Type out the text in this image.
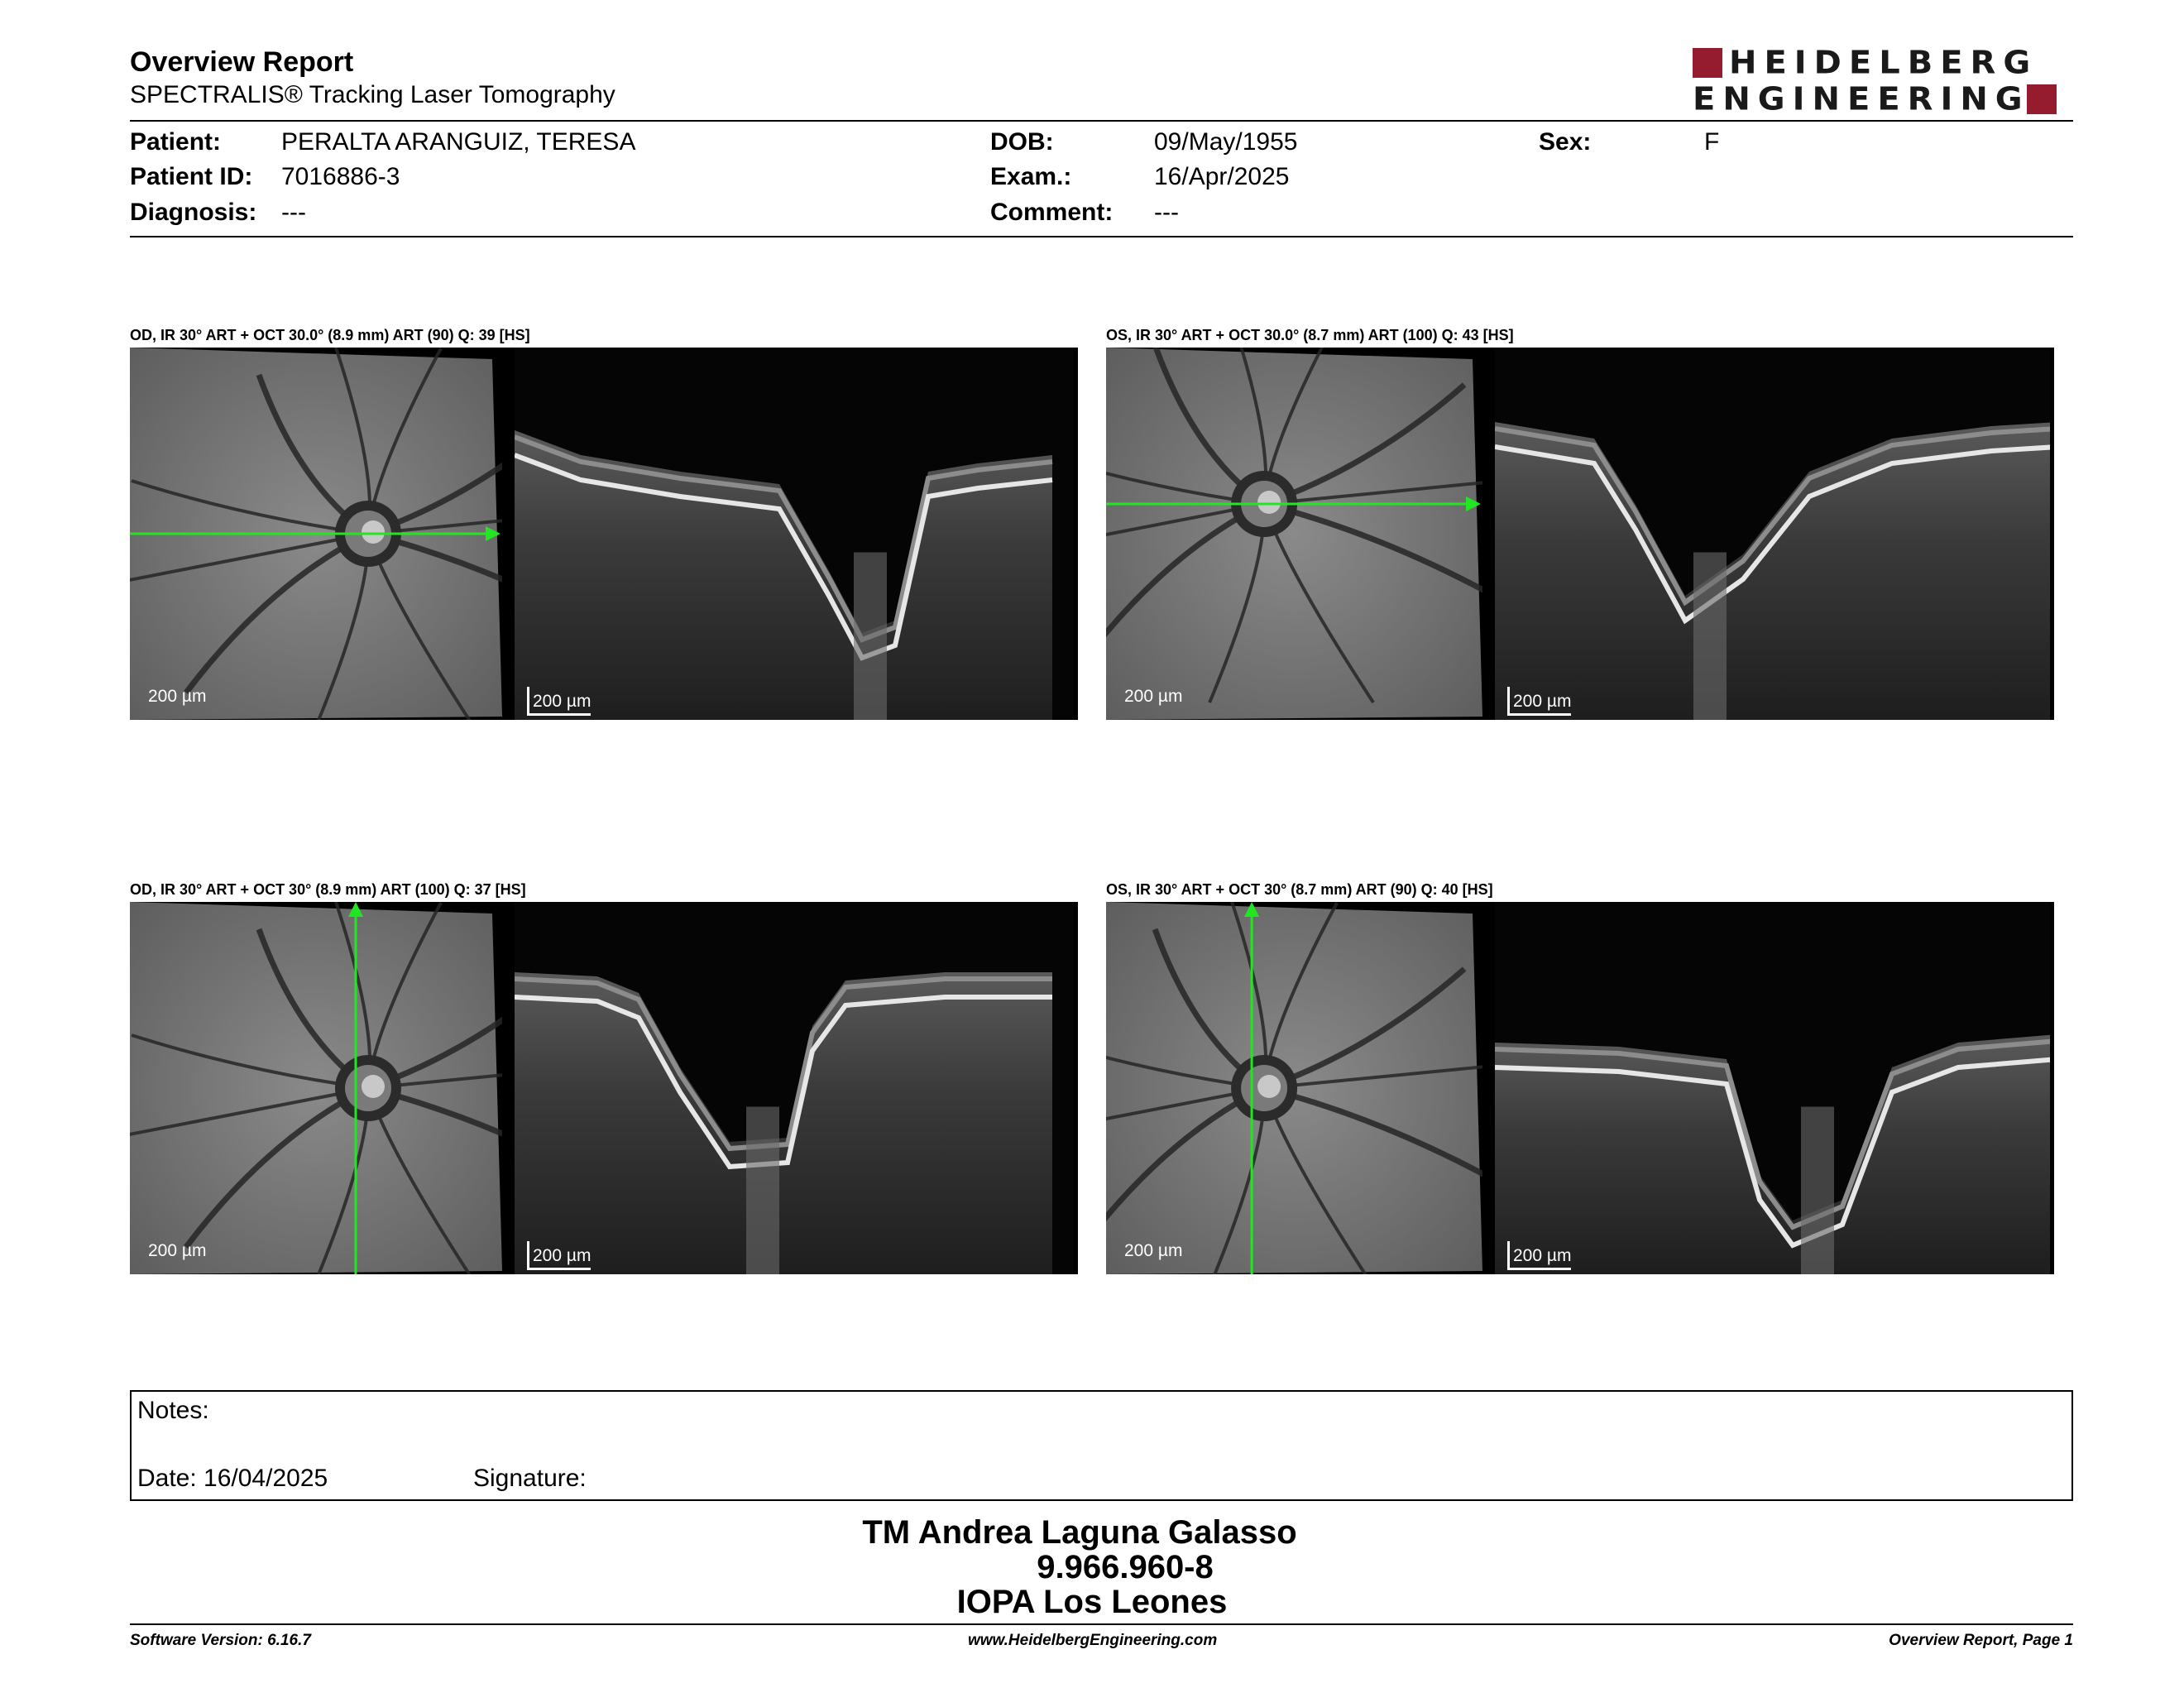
Overview Report
SPECTRALIS® Tracking Laser Tomography
HEIDELBERG
ENGINEERING
Patient: PERALTA ARANGUIZ, TERESA
Patient ID: 7016886-3
Diagnosis: ---
DOB:	09/May/1955
Exam.:	16/Apr/2025
Comment: ---
Sex:	F
OD, IR 30° ART + OCT 30.0° (8.9 mm) ART (90) Q: 39 [HS]
200 µm	200 µm
OS, IR 30° ART + OCT 30.0° (8.7 mm) ART (100) Q: 43 [HS]
200 µm	200 µm
OD, IR 30° ART + OCT 30° (8.9 mm) ART (100) Q: 37 [HS]
200 µm	200 µm
OS, IR 30° ART + OCT 30° (8.7 mm) ART (90) Q: 40 [HS]
200 µm	200 µm
Notes:
Date: 16/04/2025	Signature:
TM Andrea Laguna Galasso
9.966.960-8
IOPA Los Leones
Software Version: 6.16.7	www.HeidelbergEngineering.com	Overview Report, Page 1
